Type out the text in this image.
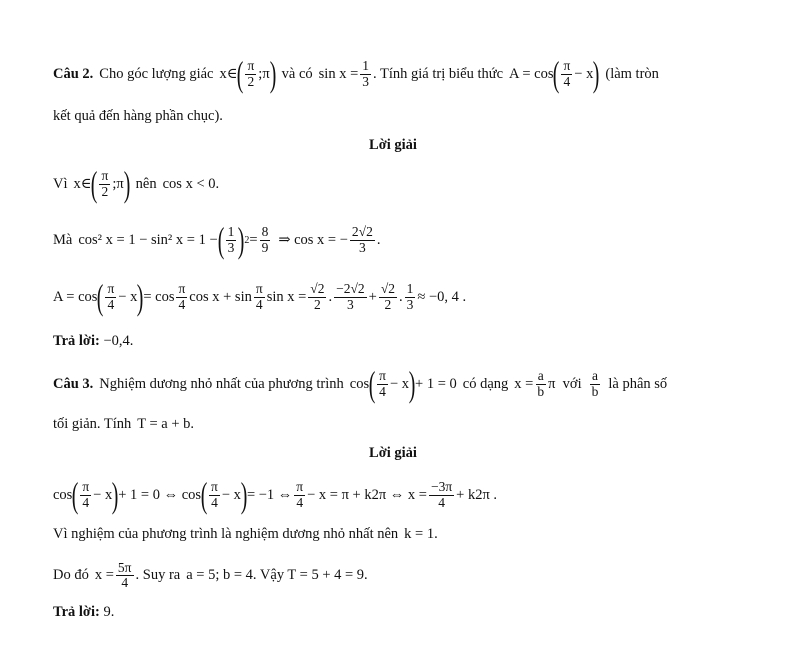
Câu 2. Cho góc lượng giác x ∈ ( $\frac{\pi}{2}$ ; π ) và có $\sin x = \frac{1}{3}$ . Tính giá trị biểu thức A = cos ( $\frac{\pi}{4} - x$ ) (làm tròn
kết quả đến hàng phần chục).
Lời giải
Vì x ∈ ( $\frac{\pi}{2}$ ; π ) nên cos x < 0 .
Mà cos² x = 1 − sin² x = 1 − ( $\frac{1}{3}$ ) $2 = \frac{8}{9}$ ⇒ cos x = − $\frac{2√2}{3}$ .
A = cos ( $\frac{\pi}{4} - x$ ) = $\cos \frac{\pi}{4}$ $\cos x + \sin \frac{\pi}{4}$ $\sin x = \frac{√2}{2}$ . $\frac{-2√2}{3} + \frac{√2}{2}$ . $\frac{1}{3} \approx -0$, 4 .
Trả lời: −0,4.
Câu 3. Nghiệm dương nhỏ nhất của phương trình cos ( $\frac{\pi}{4} - x$ ) + 1 = 0 có dạng $x = \frac{a}{b}$ π  với $\frac{a}{b}$ là phân số
tối giản. Tính T = a + b .
Lời giải
cos ( $\frac{\pi}{4} - x$ ) + 1 = 0 ⇔ cos ( $\frac{\pi}{4} - x$ ) = −1 ⇔ $\frac{\pi}{4} - x = \pi + k2\pi$ ⇔ $x = \frac{-3\pi}{4} + k2\pi$ .
Vì nghiệm của phương trình là nghiệm dương nhỏ nhất nên k = 1 .
Do đó $x = \frac{5\pi}{4}$ . Suy ra a = 5; b = 4 . Vậy T = 5 + 4 = 9.
Trả lời: 9.
